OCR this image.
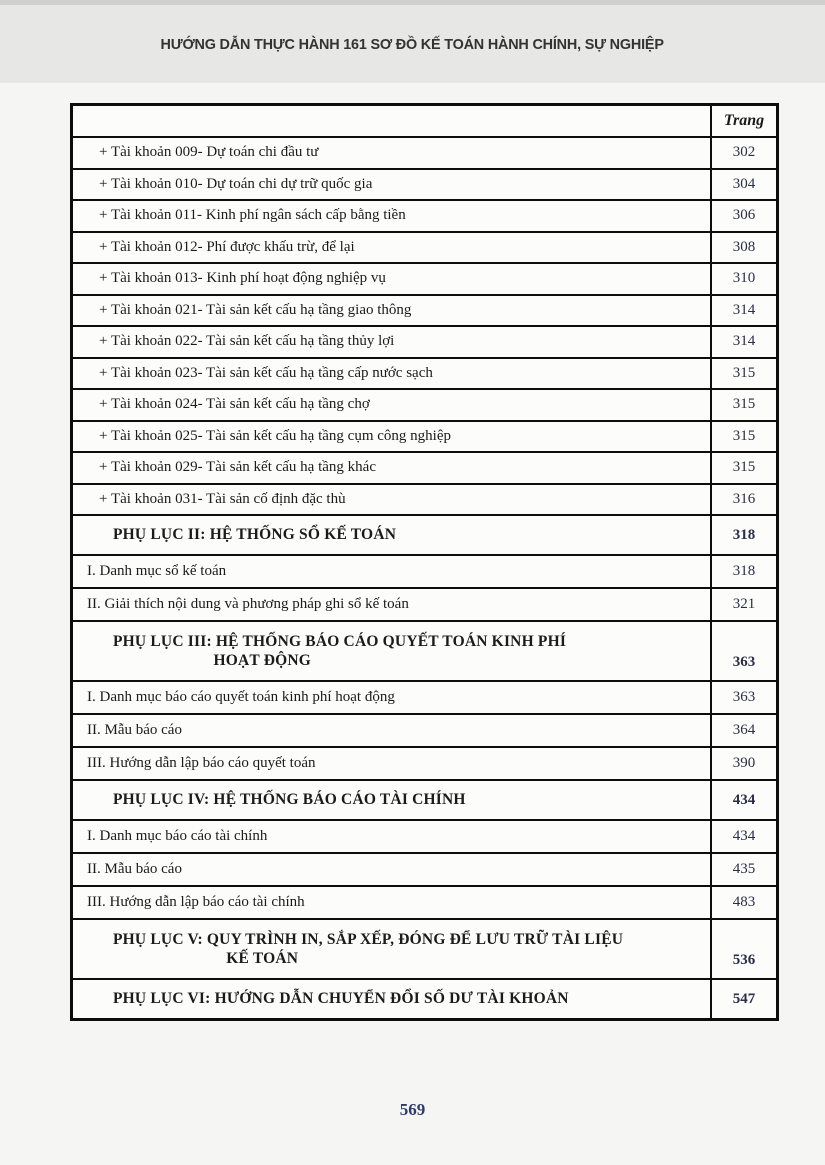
HƯỚNG DẪN THỰC HÀNH 161 SƠ ĐỒ KẾ TOÁN HÀNH CHÍNH, SỰ NGHIỆP
Trang
+ Tài khoản 009- Dự toán chi đầu tư	302
+ Tài khoản 010- Dự toán chi dự trữ quốc gia	304
+ Tài khoản 011- Kinh phí ngân sách cấp bằng tiền	306
+ Tài khoản 012- Phí được khấu trừ, để lại	308
+ Tài khoản 013- Kinh phí hoạt động nghiệp vụ	310
+ Tài khoản 021- Tài sản kết cấu hạ tầng giao thông	314
+ Tài khoản 022- Tài sản kết cấu hạ tầng thủy lợi	314
+ Tài khoản 023- Tài sản kết cấu hạ tầng cấp nước sạch	315
+ Tài khoản 024- Tài sản kết cấu hạ tầng chợ	315
+ Tài khoản 025- Tài sản kết cấu hạ tầng cụm công nghiệp	315
+ Tài khoản 029- Tài sản kết cấu hạ tầng khác	315
+ Tài khoản 031- Tài sản cố định đặc thù	316
PHỤ LỤC II: HỆ THỐNG SỔ KẾ TOÁN	318
I. Danh mục sổ kế toán	318
II. Giải thích nội dung và phương pháp ghi sổ kế toán	321
PHỤ LỤC III: HỆ THỐNG BÁO CÁO QUYẾT TOÁN KINH PHÍ
HOẠT ĐỘNG	363
I. Danh mục báo cáo quyết toán kinh phí hoạt động	363
II. Mẫu báo cáo	364
III. Hướng dẫn lập báo cáo quyết toán	390
PHỤ LỤC IV: HỆ THỐNG BÁO CÁO TÀI CHÍNH	434
I. Danh mục báo cáo tài chính	434
II. Mẫu báo cáo	435
III. Hướng dẫn lập báo cáo tài chính	483
PHỤ LỤC V: QUY TRÌNH IN, SẮP XẾP, ĐÓNG ĐỂ LƯU TRỮ TÀI LIỆU
KẾ TOÁN	536
PHỤ LỤC VI: HƯỚNG DẪN CHUYỂN ĐỔI SỐ DƯ TÀI KHOẢN	547
569
